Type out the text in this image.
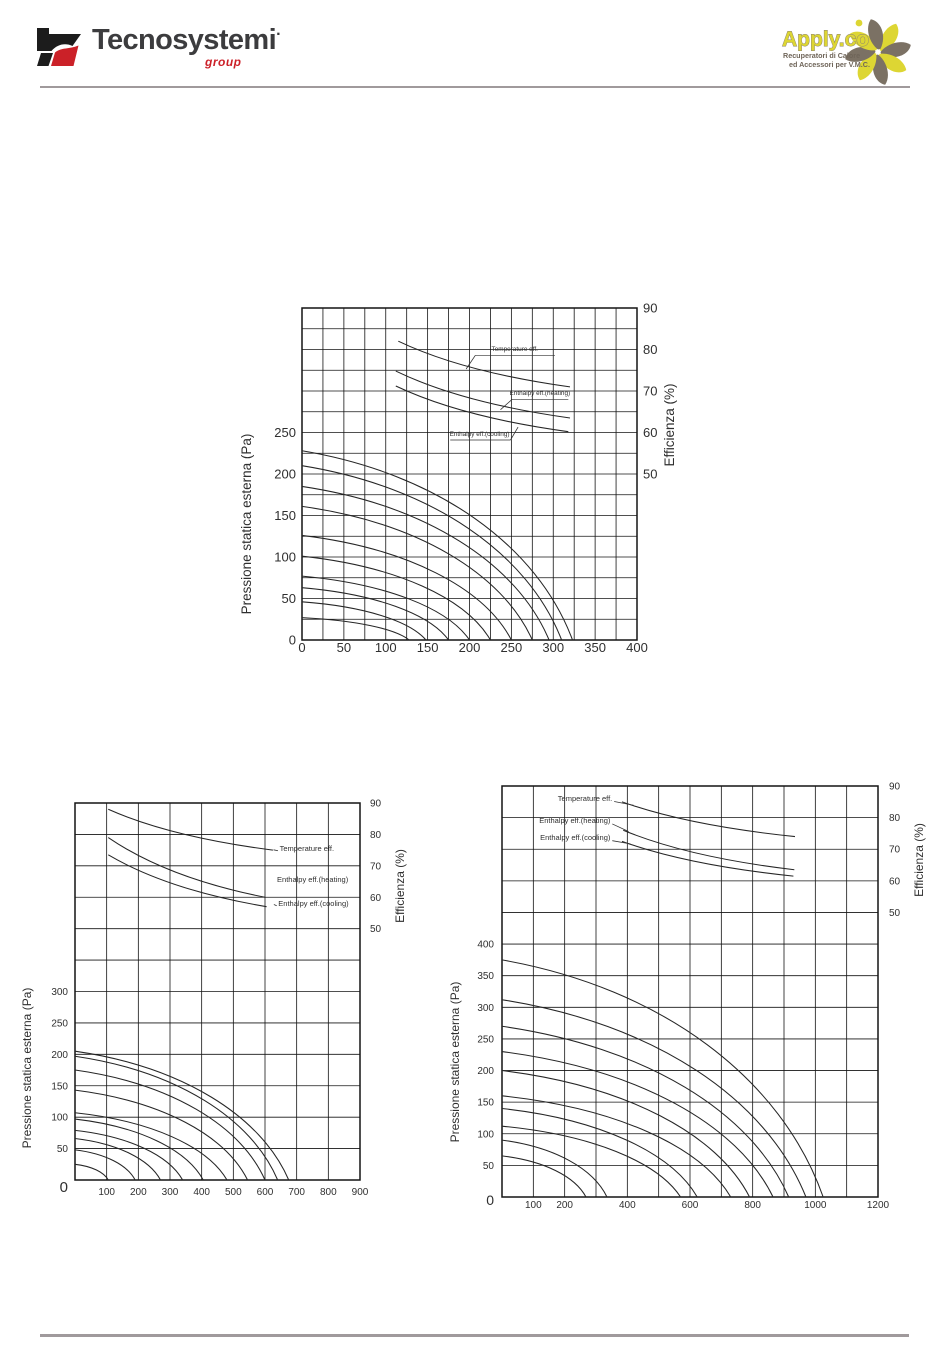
Tecnosystemi·
group
Apply.co
Recuperatori di Calore
ed Accessori per V.M.C.
Temperature eff.
Enthalpy eff.(heating)
Enthalpy eff.(cooling)
0 50 100 150 200 250 300 350 400
0
50
100
150
200
250
90
80
70
60
50
Pressione statica esterna (Pa)
Efficienza (%)
Temperature eff.
Enthalpy eff.(heating)
Enthalpy eff.(cooling)
100 200 300 400 500 600 700 800 900
50
100
150
200
250
300
90
80
70
60
50
0
Pressione statica esterna (Pa)
Efficienza (%)
Temperature eff.
Enthalpy eff.(heating)
Enthalpy eff.(cooling)
100 200	400	600	800	1000	1200
50
100
150
200
250
300
350
400
90
80
70
60
50
0
Pressione statica esterna (Pa)
Efficienza (%)
